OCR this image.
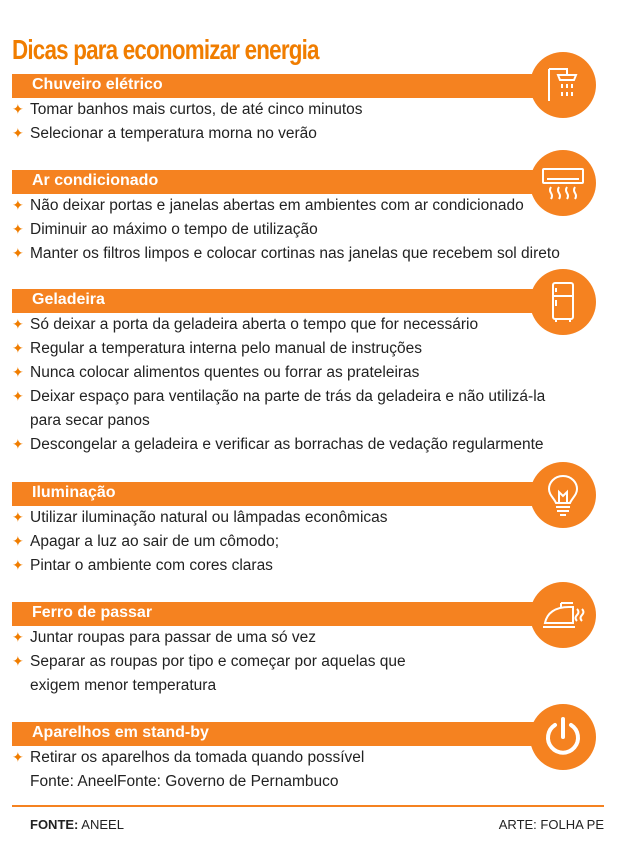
Dicas para economizar energia
Chuveiro elétrico
✦ Tomar banhos mais curtos, de até cinco minutos
✦ Selecionar a temperatura morna no verão
Ar condicionado
✦ Não deixar portas e janelas abertas em ambientes com ar condicionado
✦ Diminuir ao máximo o tempo de utilização
✦ Manter os filtros limpos e colocar cortinas nas janelas que recebem sol direto
Geladeira
✦ Só deixar a porta da geladeira aberta o tempo que for necessário
✦ Regular a temperatura interna pelo manual de instruções
✦ Nunca colocar alimentos quentes ou forrar as prateleiras
✦ Deixar espaço para ventilação na parte de trás da geladeira e não utilizá-la
para secar panos
✦ Descongelar a geladeira e verificar as borrachas de vedação regularmente
Iluminação
✦ Utilizar iluminação natural ou lâmpadas econômicas
✦ Apagar a luz ao sair de um cômodo;
✦ Pintar o ambiente com cores claras
Ferro de passar
✦ Juntar roupas para passar de uma só vez
✦ Separar as roupas por tipo e começar por aquelas que
exigem menor temperatura
Aparelhos em stand-by
✦ Retirar os aparelhos da tomada quando possível
Fonte: AneelFonte: Governo de Pernambuco
FONTE: ANEEL	ARTE: FOLHA PE
